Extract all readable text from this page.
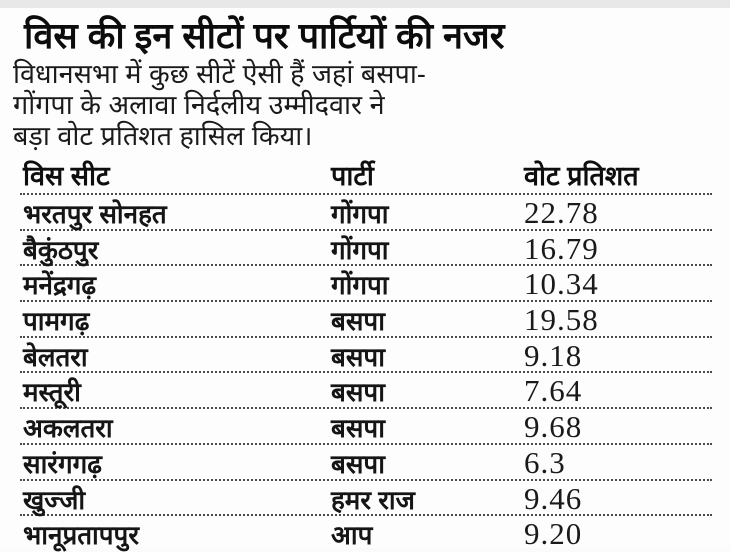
विस की इन सीटों पर पार्टियों की नजर
विधानसभा में कुछ सीटें ऐसी हैं जहां बसपा-
गोंगपा के अलावा निर्दलीय उम्मीदवार ने
बड़ा वोट प्रतिशत हासिल किया।
विस सीट	पार्टी	वोट प्रतिशत
भरतपुर सोनहत	गोंगपा	22.78
बैकुंठपुर	गोंगपा	16.79
मनेंद्रगढ़	गोंगपा	10.34
पामगढ़	बसपा	19.58
बेलतरा	बसपा	9.18
मस्तूरी	बसपा	7.64
अकलतरा	बसपा	9.68
सारंगगढ़	बसपा	6.3
खुज्जी	हमर राज	9.46
भानूप्रतापपुर	आप	9.20
